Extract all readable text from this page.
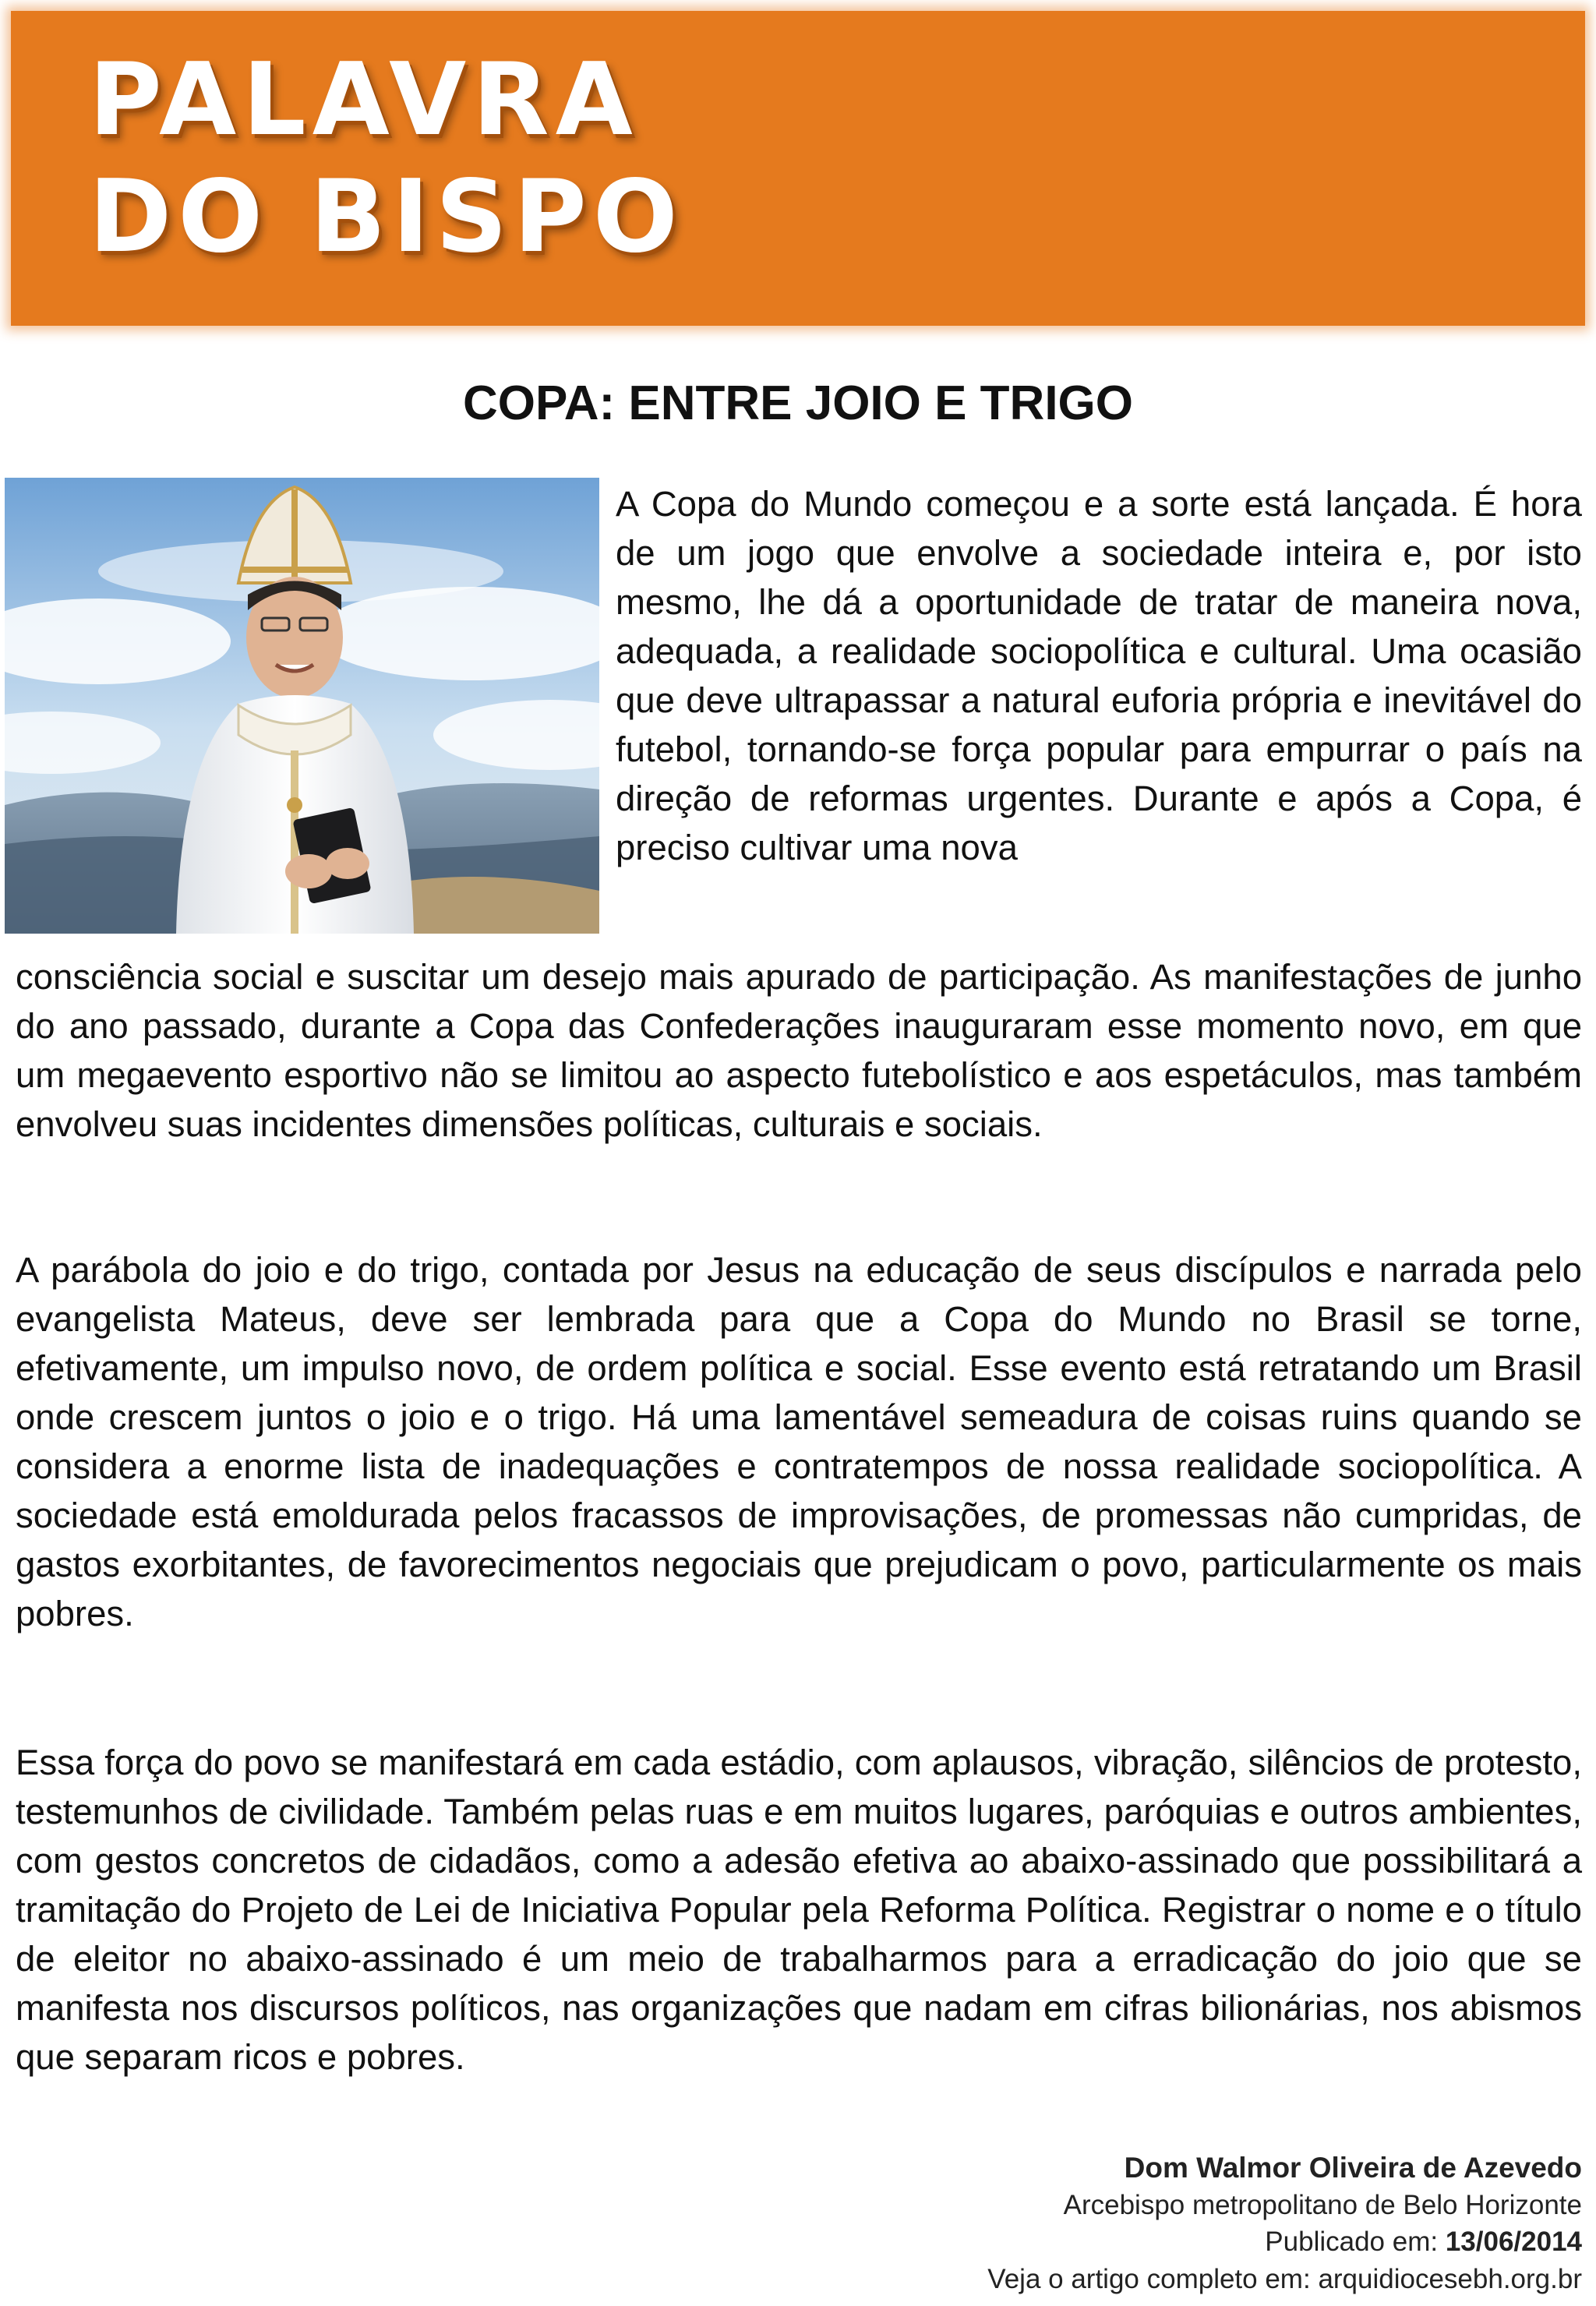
PALAVRA
DO BISPO
COPA: ENTRE JOIO E TRIGO

A Copa do Mundo começou e a sorte está lançada. É hora de um jogo que envolve a sociedade inteira e, por isto mesmo, lhe dá a oportunidade de tratar de maneira nova, adequada, a realidade sociopolítica e cultural. Uma ocasião que deve ultrapassar a natural euforia própria e inevitável do futebol, tornando-se força popular para empurrar o país na direção de reformas urgentes. Durante e após a Copa, é preciso cultivar uma nova

consciência social e suscitar um desejo mais apurado de participação. As manifestações de junho do ano passado, durante a Copa das Confederações inauguraram esse momento novo, em que um megaevento esportivo não se limitou ao aspecto futebolístico e aos espetáculos, mas também envolveu suas incidentes dimensões políticas, culturais e sociais.

A parábola do joio e do trigo, contada por Jesus na educação de seus discípulos e narrada pelo evangelista Mateus, deve ser lembrada para que a Copa do Mundo no Brasil se torne, efetivamente, um impulso novo, de ordem política e social. Esse evento está retratando um Brasil onde crescem juntos o joio e o trigo. Há uma lamentável semeadura de coisas ruins quando se considera a enorme lista de inadequações e contratempos de nossa realidade sociopolítica. A sociedade está emoldurada pelos fracassos de improvisações, de promessas não cumpridas, de gastos exorbitantes, de favorecimentos negociais que prejudicam o povo, particularmente os mais pobres.

Essa força do povo se manifestará em cada estádio, com aplausos, vibração, silêncios de protesto, testemunhos de civilidade. Também pelas ruas e em muitos lugares, paróquias e outros ambientes, com gestos concretos de cidadãos, como a adesão efetiva ao abaixo-assinado que possibilitará a tramitação do Projeto de Lei de Iniciativa Popular pela Reforma Política. Registrar o nome e o título de eleitor no abaixo-assinado é um meio de trabalharmos para a erradicação do joio que se manifesta nos discursos políticos, nas organizações que nadam em cifras bilionárias, nos abismos que separam ricos e pobres.

Dom Walmor Oliveira de Azevedo
Arcebispo metropolitano de Belo Horizonte
Publicado em: 13/06/2014
Veja o artigo completo em: arquidiocesebh.org.br
